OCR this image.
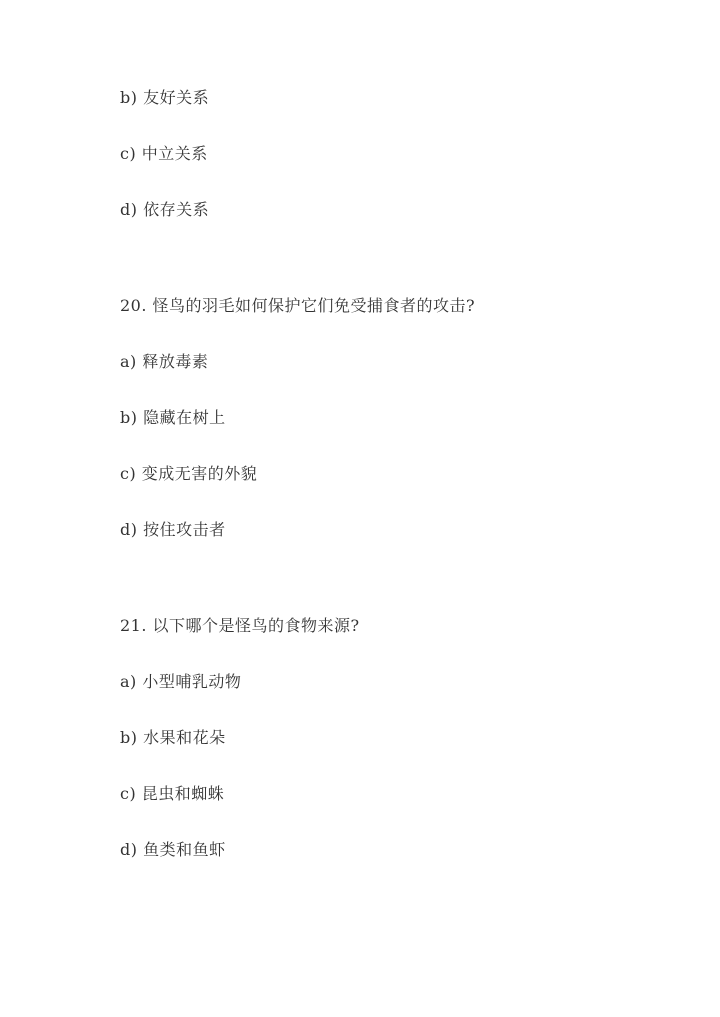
b) 友好关系
c) 中立关系
d) 依存关系
20. 怪鸟的羽毛如何保护它们免受捕食者的攻击?
a) 释放毒素
b) 隐藏在树上
c) 变成无害的外貌
d) 按住攻击者
21. 以下哪个是怪鸟的食物来源?
a) 小型哺乳动物
b) 水果和花朵
c) 昆虫和蜘蛛
d) 鱼类和鱼虾
